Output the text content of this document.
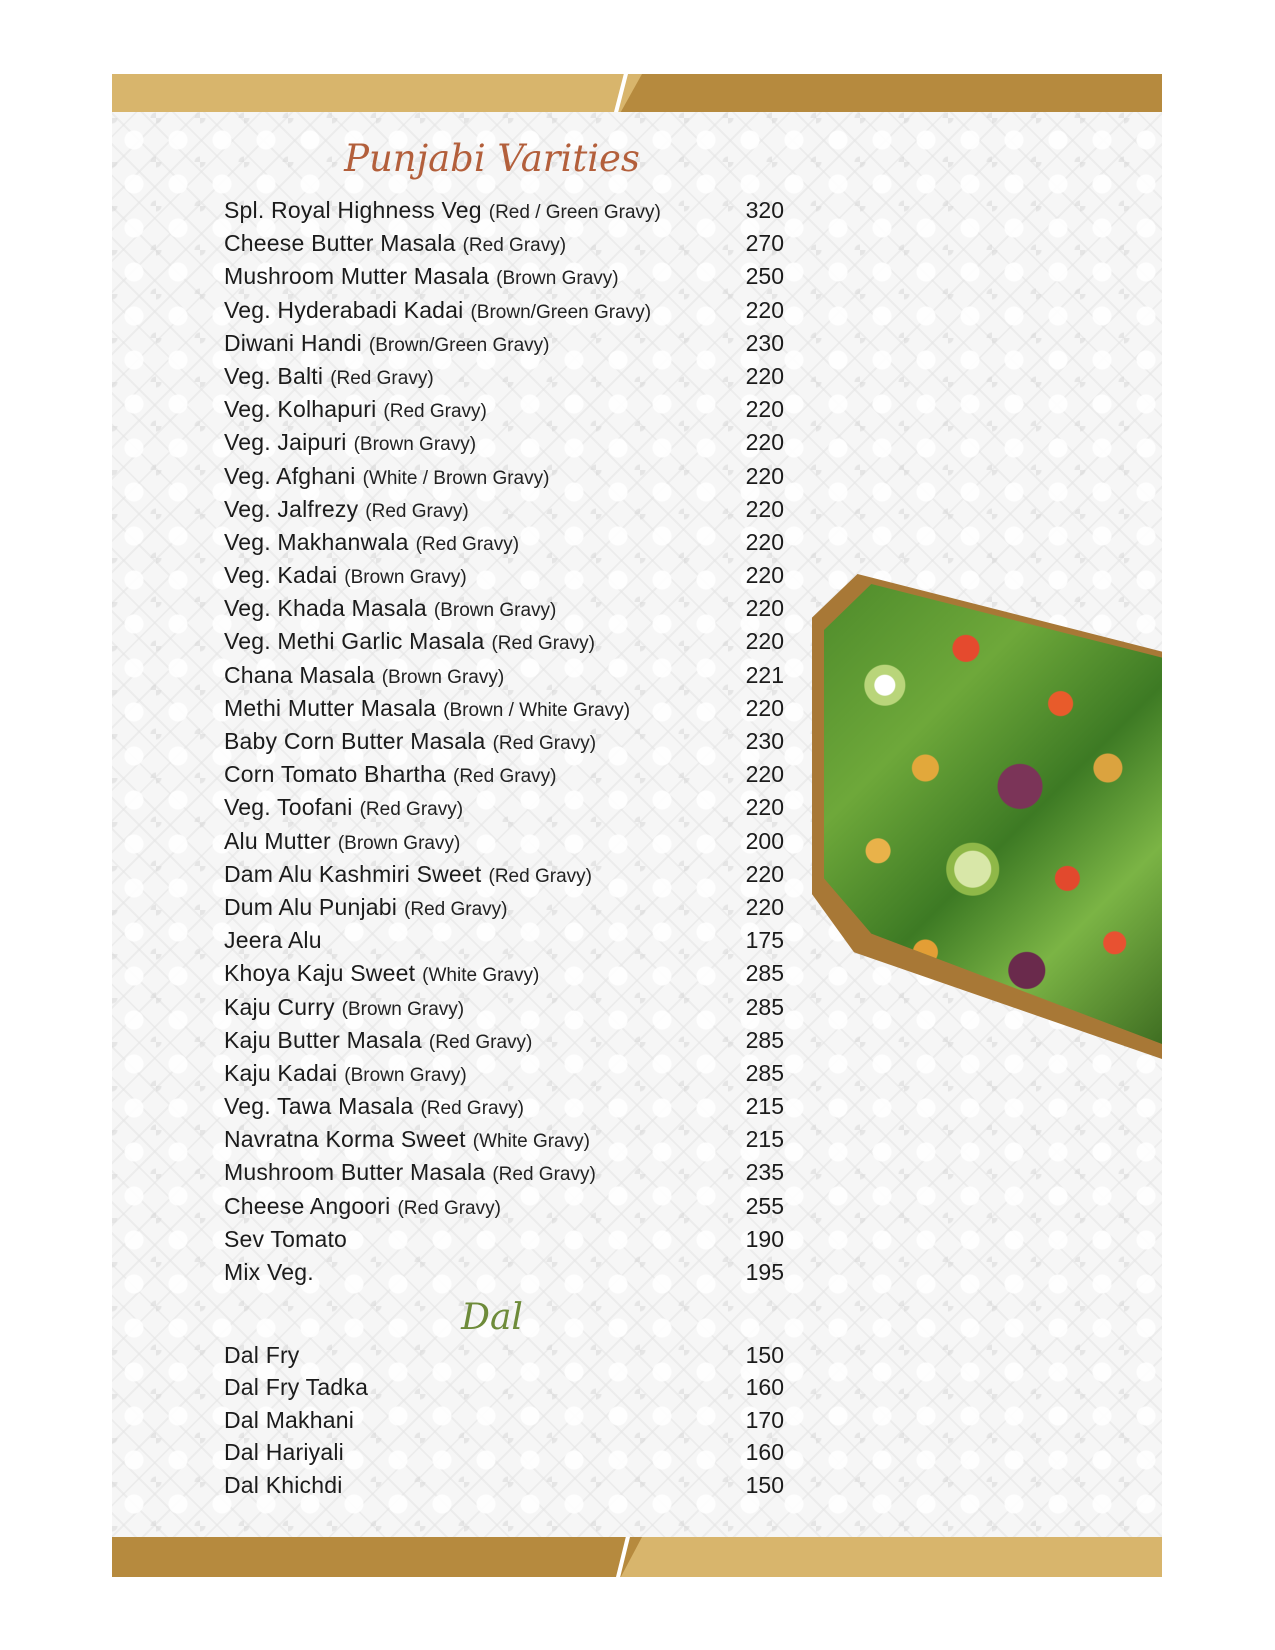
Punjabi Varities
Spl. Royal Highness Veg (Red / Green Gravy)	320
Cheese Butter Masala (Red Gravy)	270
Mushroom Mutter Masala (Brown Gravy)	250
Veg. Hyderabadi Kadai (Brown/Green Gravy)	220
Diwani Handi (Brown/Green Gravy)	230
Veg. Balti (Red Gravy)	220
Veg. Kolhapuri (Red Gravy)	220
Veg. Jaipuri (Brown Gravy)	220
Veg. Afghani (White / Brown Gravy)	220
Veg. Jalfrezy (Red Gravy)	220
Veg. Makhanwala (Red Gravy)	220
Veg. Kadai (Brown Gravy)	220
Veg. Khada Masala (Brown Gravy)	220
Veg. Methi Garlic Masala (Red Gravy)	220
Chana Masala (Brown Gravy)	221
Methi Mutter Masala (Brown / White Gravy)	220
Baby Corn Butter Masala (Red Gravy)	230
Corn Tomato Bhartha (Red Gravy)	220
Veg. Toofani (Red Gravy)	220
Alu Mutter (Brown Gravy)	200
Dam Alu Kashmiri Sweet (Red Gravy)	220
Dum Alu Punjabi (Red Gravy)	220
Jeera Alu	175
Khoya Kaju Sweet (White Gravy)	285
Kaju Curry (Brown Gravy)	285
Kaju Butter Masala (Red Gravy)	285
Kaju Kadai (Brown Gravy)	285
Veg. Tawa Masala (Red Gravy)	215
Navratna Korma Sweet (White Gravy)	215
Mushroom Butter Masala (Red Gravy)	235
Cheese Angoori (Red Gravy)	255
Sev Tomato	190
Mix Veg.	195
Dal
Dal Fry	150
Dal Fry Tadka	160
Dal Makhani	170
Dal Hariyali	160
Dal Khichdi	150
